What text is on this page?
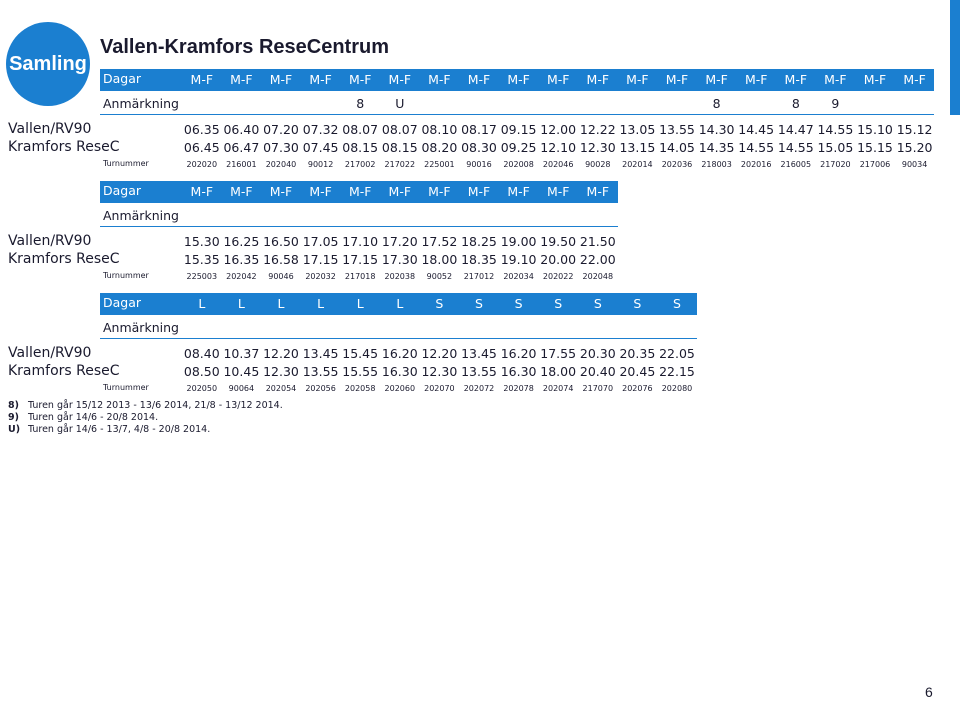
Samling
Vallen-Kramfors ReseCentrum
Dagar
Anmärkning
Vallen/RV90
Kramfors ReseC
Turnummer
M-F
06.35
06.45
202020
M-F
06.40
06.47
216001
M-F
07.20
07.30
202040
M-F
07.32
07.45
90012
M-F
8
08.07
08.15
217002
M-F
U
08.07
08.15
217022
M-F
08.10
08.20
225001
M-F
08.17
08.30
90016
M-F
09.15
09.25
202008
M-F
12.00
12.10
202046
M-F
12.22
12.30
90028
M-F
13.05
13.15
202014
M-F
13.55
14.05
202036
M-F
8
14.30
14.35
218003
M-F
14.45
14.55
202016
M-F
8
14.47
14.55
216005
M-F
9
14.55
15.05
217020
M-F
15.10
15.15
217006
M-F
15.12
15.20
90034
Dagar
Anmärkning
Vallen/RV90
Kramfors ReseC
Turnummer
M-F
15.30
15.35
225003
M-F
16.25
16.35
202042
M-F
16.50
16.58
90046
M-F
17.05
17.15
202032
M-F
17.10
17.15
217018
M-F
17.20
17.30
202038
M-F
17.52
18.00
90052
M-F
18.25
18.35
217012
M-F
19.00
19.10
202034
M-F
19.50
20.00
202022
M-F
21.50
22.00
202048
Dagar
Anmärkning
Vallen/RV90
Kramfors ReseC
Turnummer
L
08.40
08.50
202050
L
10.37
10.45
90064
L
12.20
12.30
202054
L
13.45
13.55
202056
L
15.45
15.55
202058
L
16.20
16.30
202060
S
12.20
12.30
202070
S
13.45
13.55
202072
S
16.20
16.30
202078
S
17.55
18.00
202074
S
20.30
20.40
217070
S
20.35
20.45
202076
S
22.05
22.15
202080
8) Turen går 15/12 2013 - 13/6 2014, 21/8 - 13/12 2014.
9) Turen går 14/6 - 20/8 2014.
U) Turen går 14/6 - 13/7, 4/8 - 20/8 2014.
6
